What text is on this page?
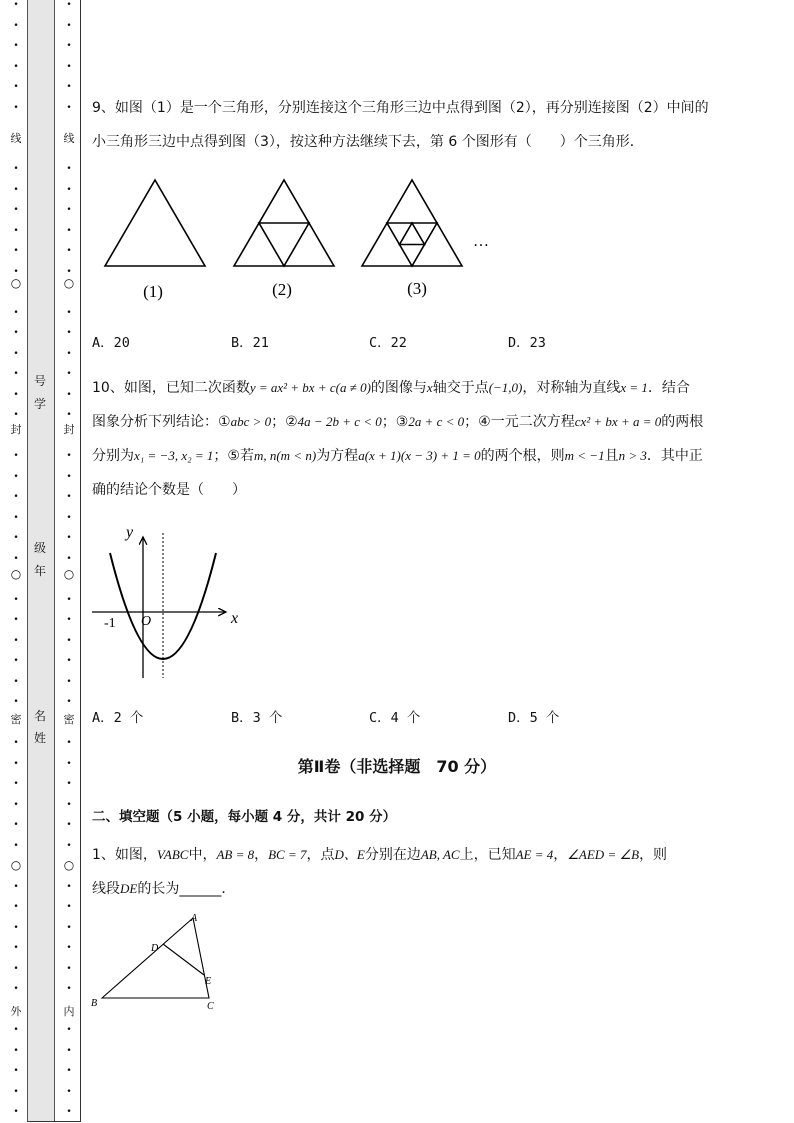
•
•
•
•
•
•
•
•
•
•
•
•
•
•
•
•
•
•
•
•
•
•
•
•
•
•
•
•
•
•
•
•
•
•
•
•
•
•
•
•
•
•
•
•
•
•
•
线
○
封
○
密
○
外
•
•
•
•
•
•
•
•
•
•
•
•
•
•
•
•
•
•
•
•
•
•
•
•
•
•
•
•
•
•
•
•
•
•
•
•
•
•
•
•
•
•
•
•
•
•
•
线
○
封
○
密
○
内
号
学
级
年
名
姓
9、如图（1）是一个三角形，分别连接这个三角形三边中点得到图（2），再分别连接图（2）中间的
小三角形三边中点得到图（3），按这种方法继续下去，第 6 个图形有（　　）个三角形．
(1)	(2)	(3)
…
A．20	B．21	C．22	D．23
10、如图，已知二次函数y = ax² + bx + c(a ≠ 0)的图像与x轴交于点(−1,0)，对称轴为直线x = 1．结合
图象分析下列结论：①abc > 0；②4a − 2b + c < 0；③2a + c < 0；④一元二次方程cx² + bx + a = 0的两根
分别为x₁ = −3, x₂ = 1；⑤若m, n(m < n)为方程a(x + 1)(x − 3) + 1 = 0的两个根，则m < −1且n > 3．其中正
确的结论个数是（　　）
y
x
O
-1
A．2 个	B．3 个	C．4 个	D．5 个
第Ⅱ卷（非选择题　70 分）
二、填空题（5 小题，每小题 4 分，共计 20 分）
1、如图，VABC中，AB = 8，BC = 7，点D、E分别在边AB, AC上，已知AE = 4，∠AED = ∠B，则
线段DE的长为______．
A
B	C
D
E
